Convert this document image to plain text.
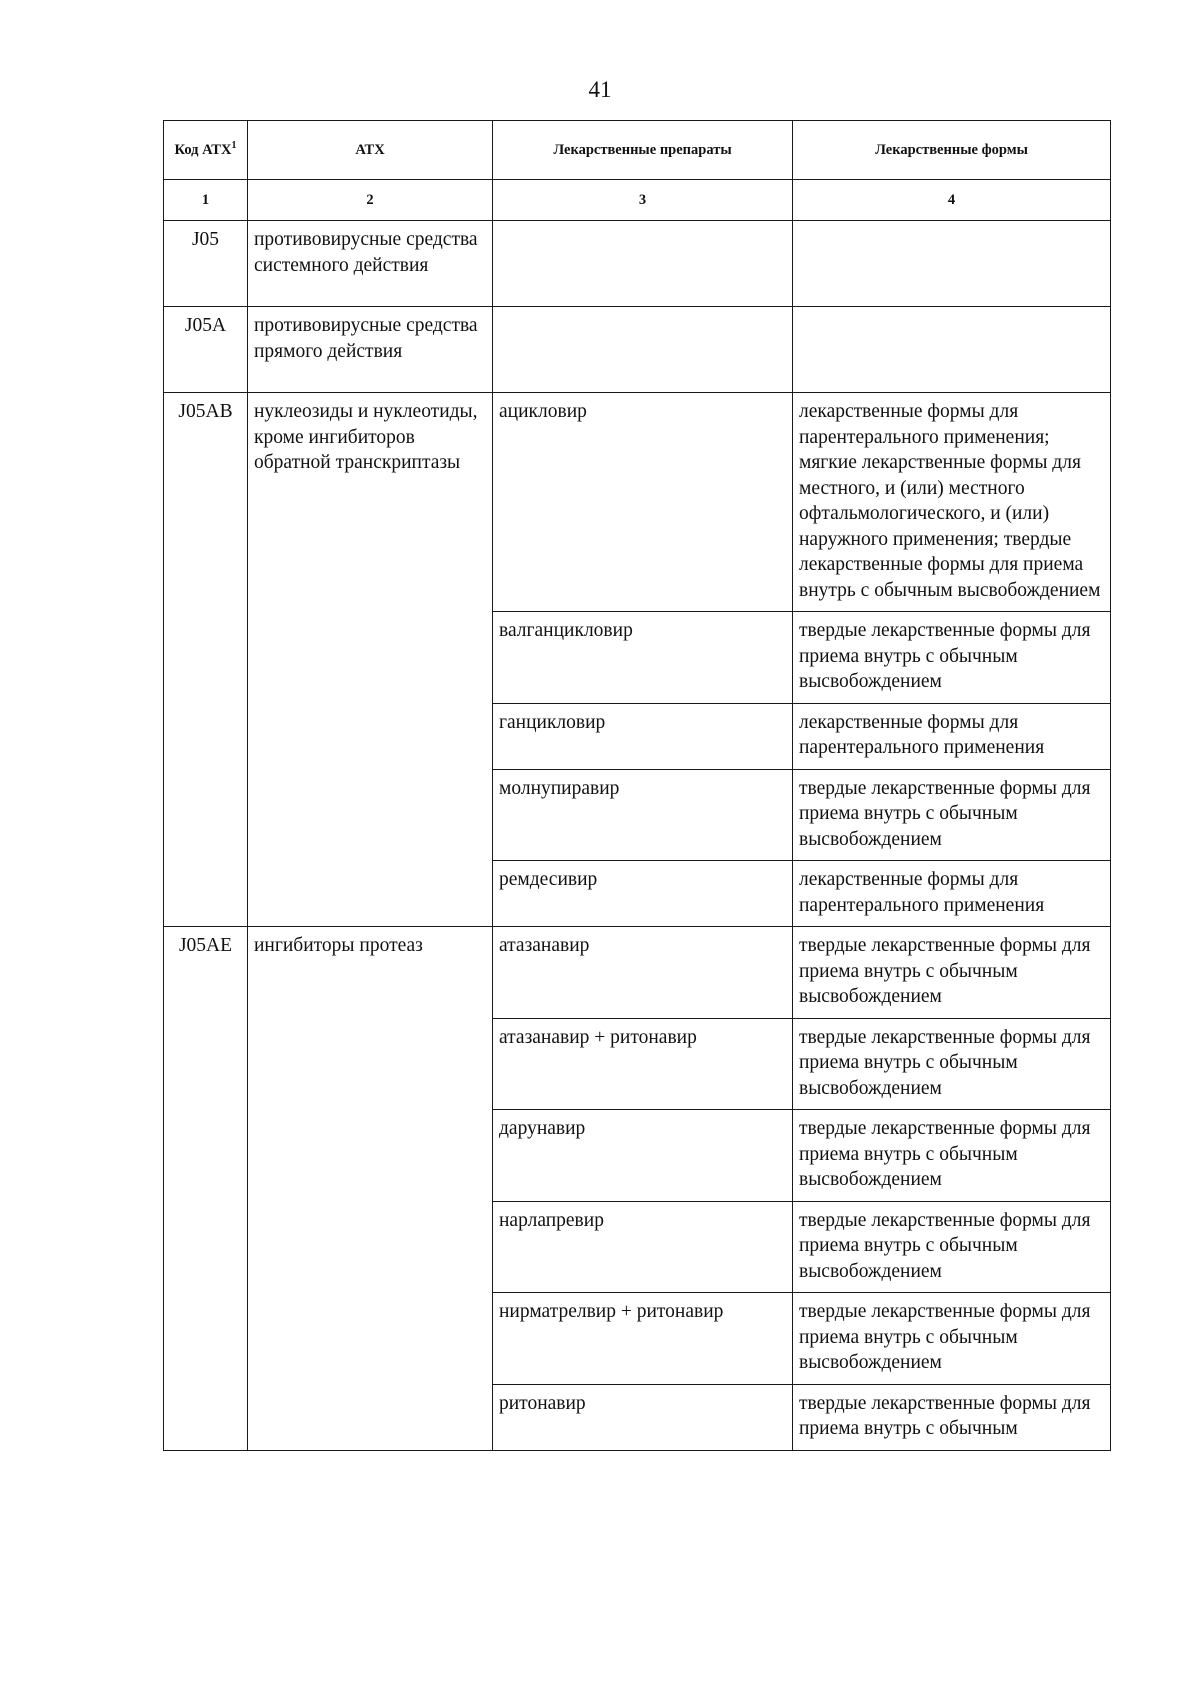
41
Код АТХ$^1$	АТХ	Лекарственные препараты	Лекарственные формы
1	2	3	4
J05	противовирусные средства системного действия		
J05A	противовирусные средства прямого действия		
J05AB	нуклеозиды и нуклеотиды, кроме ингибиторов обратной транскриптазы	ацикловир	лекарственные формы для парентерального применения; мягкие лекарственные формы для местного, и (или) местного офтальмологического, и (или) наружного применения; твердые лекарственные формы для приема внутрь с обычным высвобождением
		валганцикловир	твердые лекарственные формы для приема внутрь с обычным высвобождением
		ганцикловир	лекарственные формы для парентерального применения
		молнупиравир	твердые лекарственные формы для приема внутрь с обычным высвобождением
		ремдесивир	лекарственные формы для парентерального применения
J05AE	ингибиторы протеаз	атазанавир	твердые лекарственные формы для приема внутрь с обычным высвобождением
		атазанавир + ритонавир	твердые лекарственные формы для приема внутрь с обычным высвобождением
		дарунавир	твердые лекарственные формы для приема внутрь с обычным высвобождением
		нарлапревир	твердые лекарственные формы для приема внутрь с обычным высвобождением
		нирматрелвир + ритонавир	твердые лекарственные формы для приема внутрь с обычным высвобождением
		ритонавир	твердые лекарственные формы для приема внутрь с обычным
